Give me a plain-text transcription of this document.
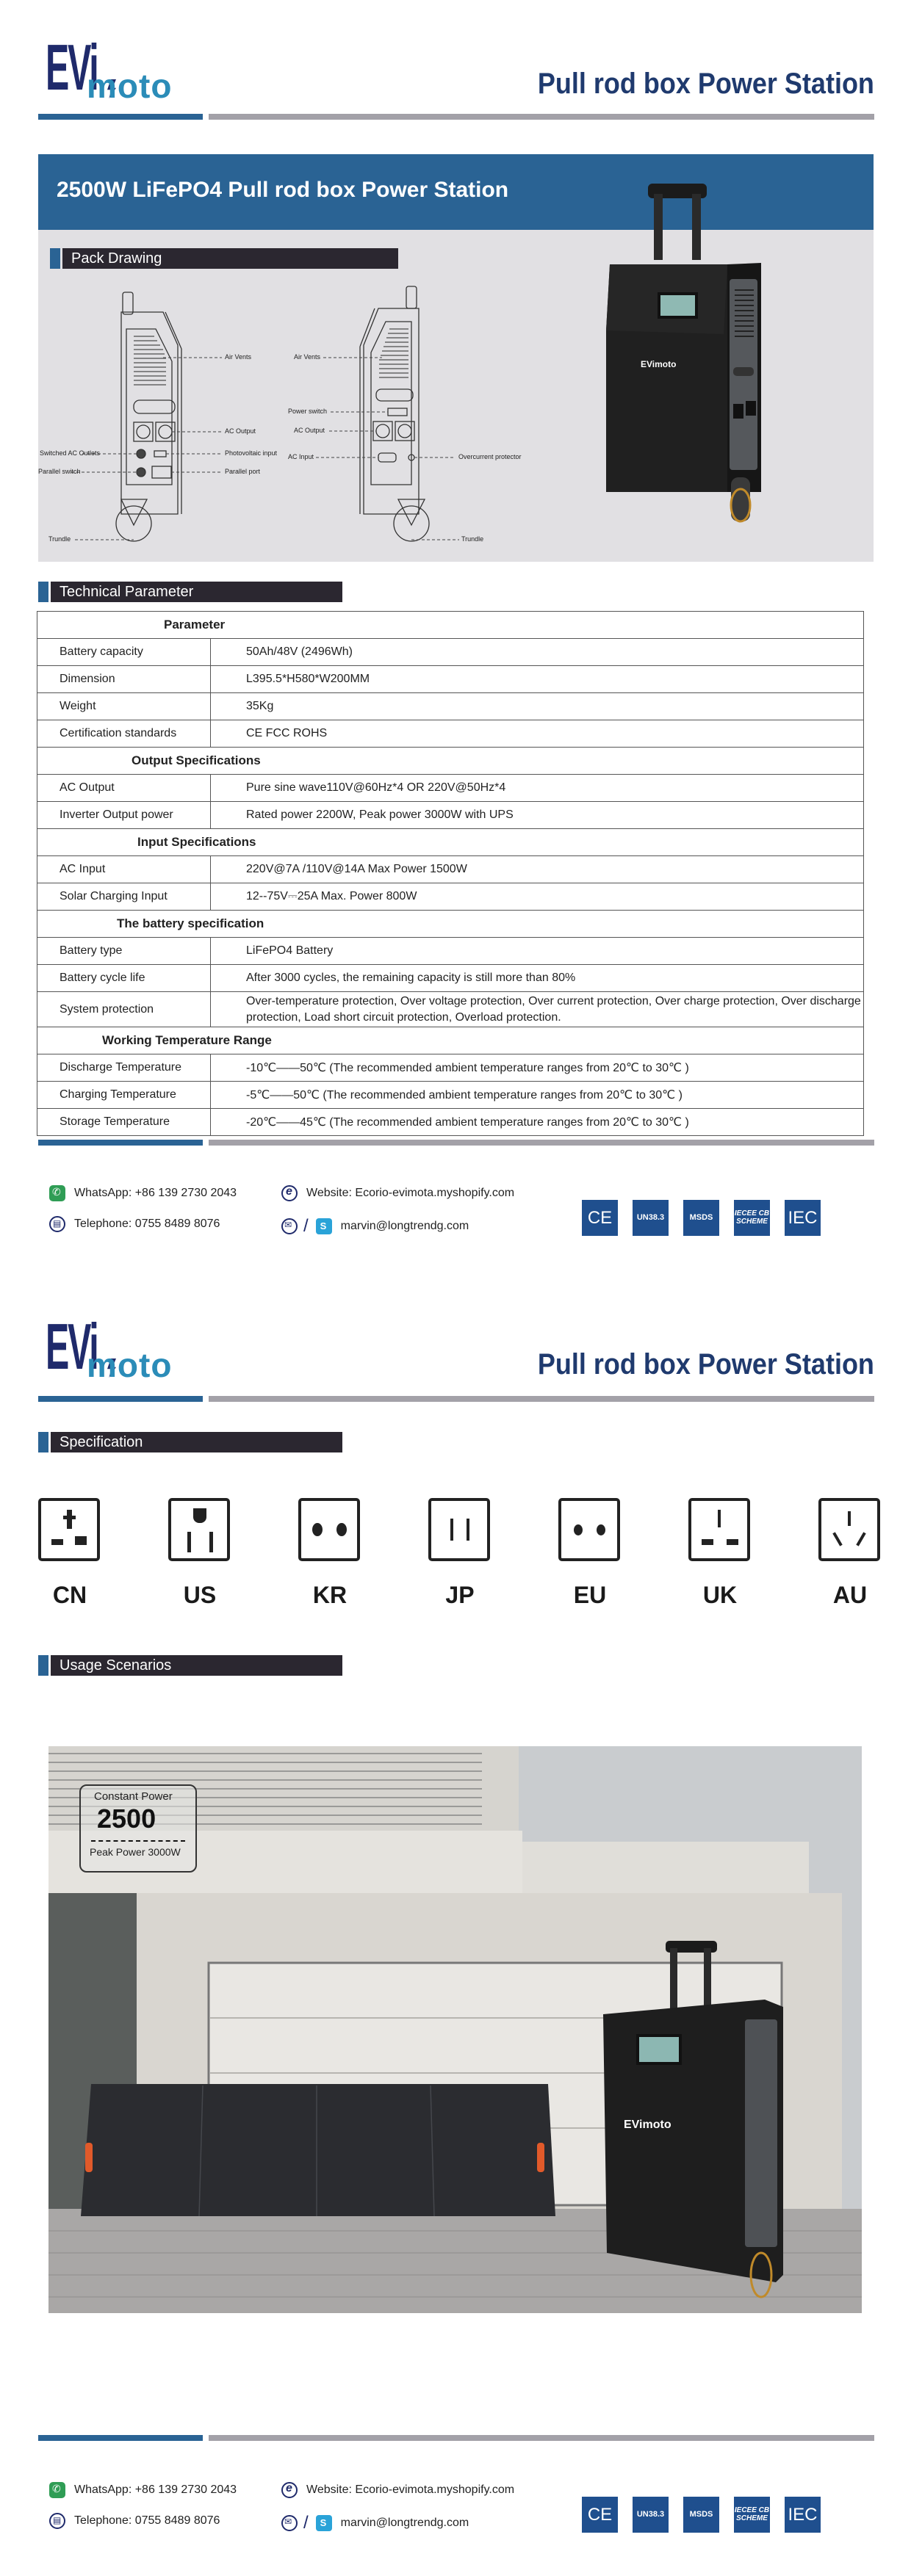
EVi
moto	Pull rod box Power Station
2500W LiFePO4 Pull rod box Power Station
Pack Drawing
Air Vents
AC Output
Switched AC Outlets	Photovoltaic input
Parallel switch	Parallel port
Trundle
Air Vents
Power switch
AC Output
AC Input	Overcurrent protector
Trundle
EVimoto
Technical Parameter
Parameter	
Battery capacity	50Ah/48V (2496Wh)
Dimension	L395.5*H580*W200MM
Weight	35Kg
Certification standards	CE FCC ROHS
Output Specifications	
AC Output	Pure sine wave110V@60Hz*4 OR 220V@50Hz*4
Inverter Output power	Rated power 2200W, Peak power 3000W with UPS
Input Specifications	
AC Input	220V@7A /110V@14A Max Power 1500W
Solar Charging Input	12--75V⎓25A Max. Power 800W
The battery specification	
Battery type	LiFePO4 Battery
Battery cycle life	After 3000 cycles, the remaining capacity is still more than 80%
System protection	Over-temperature protection, Over voltage protection, Over current protection, Over charge protection, Over discharge protection, Load short circuit protection, Overload protection.
Working Temperature Range	
Discharge Temperature	-10℃——50℃ (The recommended ambient temperature ranges from 20℃ to 30℃ )
Charging Temperature	-5℃——50℃ (The recommended ambient temperature ranges from 20℃ to 30℃ )
Storage Temperature	-20℃——45℃ (The recommended ambient temperature ranges from 20℃ to 30℃ )
✆
WhatsApp: +86 139 2730 2043
▤
Telephone: 0755 8489 8076
e
Website: Ecorio-evimota.myshopify.com
✉
/ S	marvin@longtrendg.com	CE	UN38.3	MSDS	IECEE CB SCHEME IEC
EVi
moto	Pull rod box Power Station
Specification
CN	US	KR	JP	EU	UK	AU
Usage Scenarios
EVimoto
Constant Power
2500
Peak Power 3000W
✆
WhatsApp: +86 139 2730 2043
▤
Telephone: 0755 8489 8076
e
Website: Ecorio-evimota.myshopify.com
✉
/ S	marvin@longtrendg.com	CE	UN38.3	MSDS	IECEE CB SCHEME IEC
